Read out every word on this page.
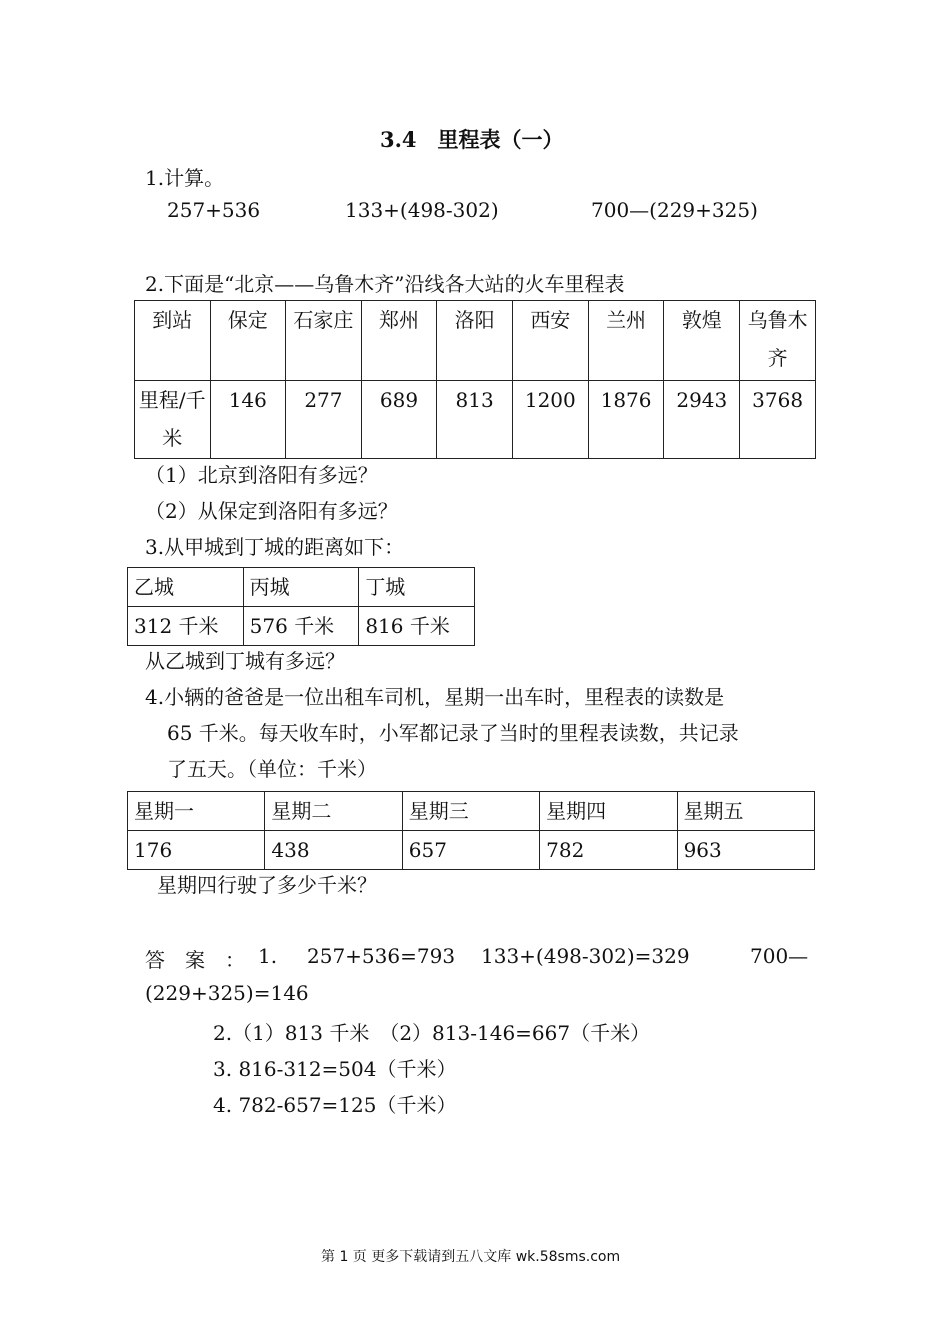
3.4　里程表（一）
1.计算。
257+536	133+(498-302)	700—(229+325)
2.下面是“北京——乌鲁木齐”沿线各大站的火车里程表
到站	保定	石家庄	郑州	洛阳	西安	兰州	敦煌	乌鲁木齐
里程/千米	146	277	689	813	1200	1876	2943	3768
（1）北京到洛阳有多远？
（2）从保定到洛阳有多远？
3.从甲城到丁城的距离如下：
乙城	丙城	丁城
312 千米	576 千米	816 千米
从乙城到丁城有多远？
4.小辆的爸爸是一位出租车司机，星期一出车时，里程表的读数是
65 千米。每天收车时，小军都记录了当时的里程表读数，共记录
了五天。（单位：千米）
星期一	星期二	星期三	星期四	星期五
176	438	657	782	963
星期四行驶了多少千米？
答　案　： 1. 257+536=793 133+(498-302)=329	700—
(229+325)=146
2.（1）813 千米　（2）813-146=667（千米）
3. 816-312=504（千米）
4. 782-657=125（千米）
第 1 页 更多下载请到五八文库 wk.58sms.com
